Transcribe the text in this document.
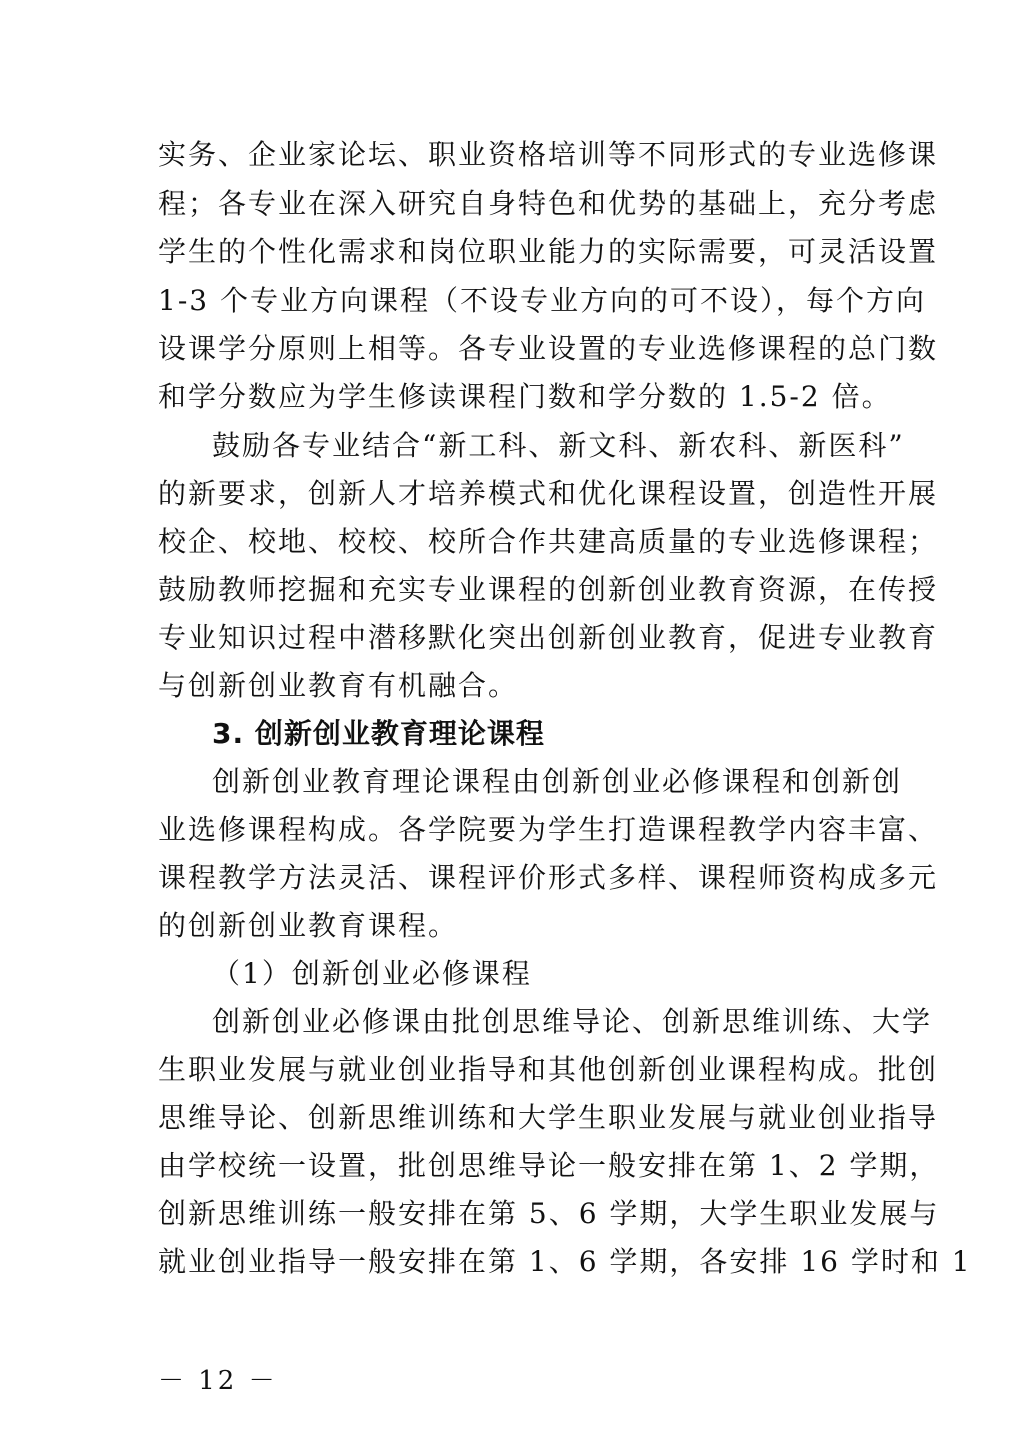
实务、企业家论坛、职业资格培训等不同形式的专业选修课
程；各专业在深入研究自身特色和优势的基础上，充分考虑
学生的个性化需求和岗位职业能力的实际需要，可灵活设置
1-3 个专业方向课程（不设专业方向的可不设），每个方向
设课学分原则上相等。各专业设置的专业选修课程的总门数
和学分数应为学生修读课程门数和学分数的 1.5-2 倍。
鼓励各专业结合“新工科、新文科、新农科、新医科”
的新要求，创新人才培养模式和优化课程设置，创造性开展
校企、校地、校校、校所合作共建高质量的专业选修课程；
鼓励教师挖掘和充实专业课程的创新创业教育资源，在传授
专业知识过程中潜移默化突出创新创业教育，促进专业教育
与创新创业教育有机融合。
3. 创新创业教育理论课程
创新创业教育理论课程由创新创业必修课程和创新创
业选修课程构成。各学院要为学生打造课程教学内容丰富、
课程教学方法灵活、课程评价形式多样、课程师资构成多元
的创新创业教育课程。
（1）创新创业必修课程
创新创业必修课由批创思维导论、创新思维训练、大学
生职业发展与就业创业指导和其他创新创业课程构成。批创
思维导论、创新思维训练和大学生职业发展与就业创业指导
由学校统一设置，批创思维导论一般安排在第 1、2 学期，
创新思维训练一般安排在第 5、6 学期，大学生职业发展与
就业创业指导一般安排在第 1、6 学期，各安排 16 学时和 1
－ 12 －
